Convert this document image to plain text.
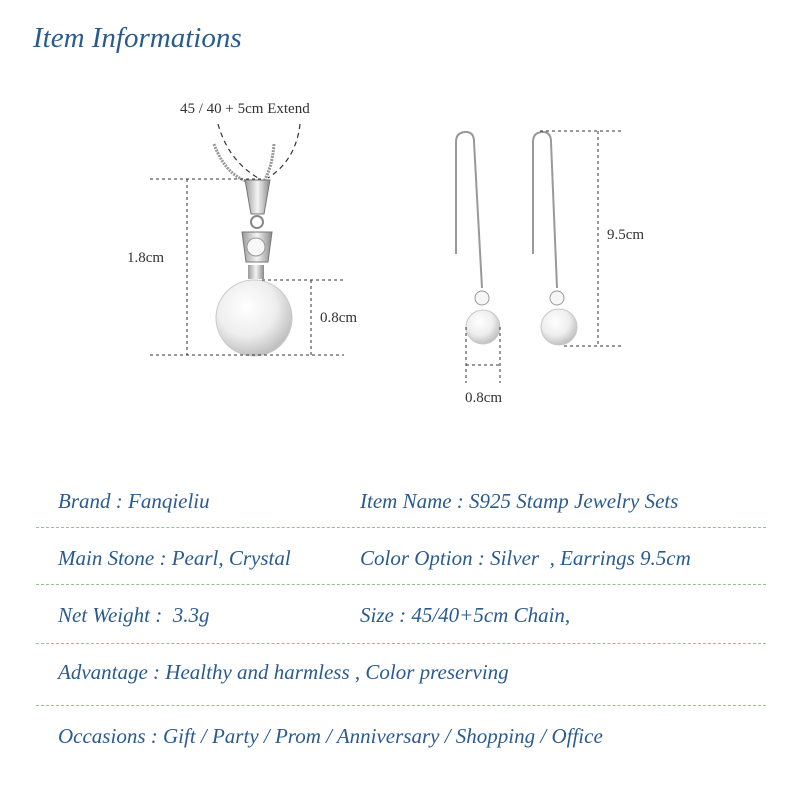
Item Informations
45 / 40 + 5cm Extend
1.8cm
0.8cm
9.5cm
0.8cm
Brand : Fanqieliu	Item Name : S925 Stamp Jewelry Sets
Main Stone : Pearl, Crystal	Color Option : Silver  , Earrings 9.5cm
Net Weight :  3.3g	Size : 45/40+5cm Chain,
Advantage : Healthy and harmless , Color preserving
Occasions : Gift / Party / Prom / Anniversary / Shopping / Office
